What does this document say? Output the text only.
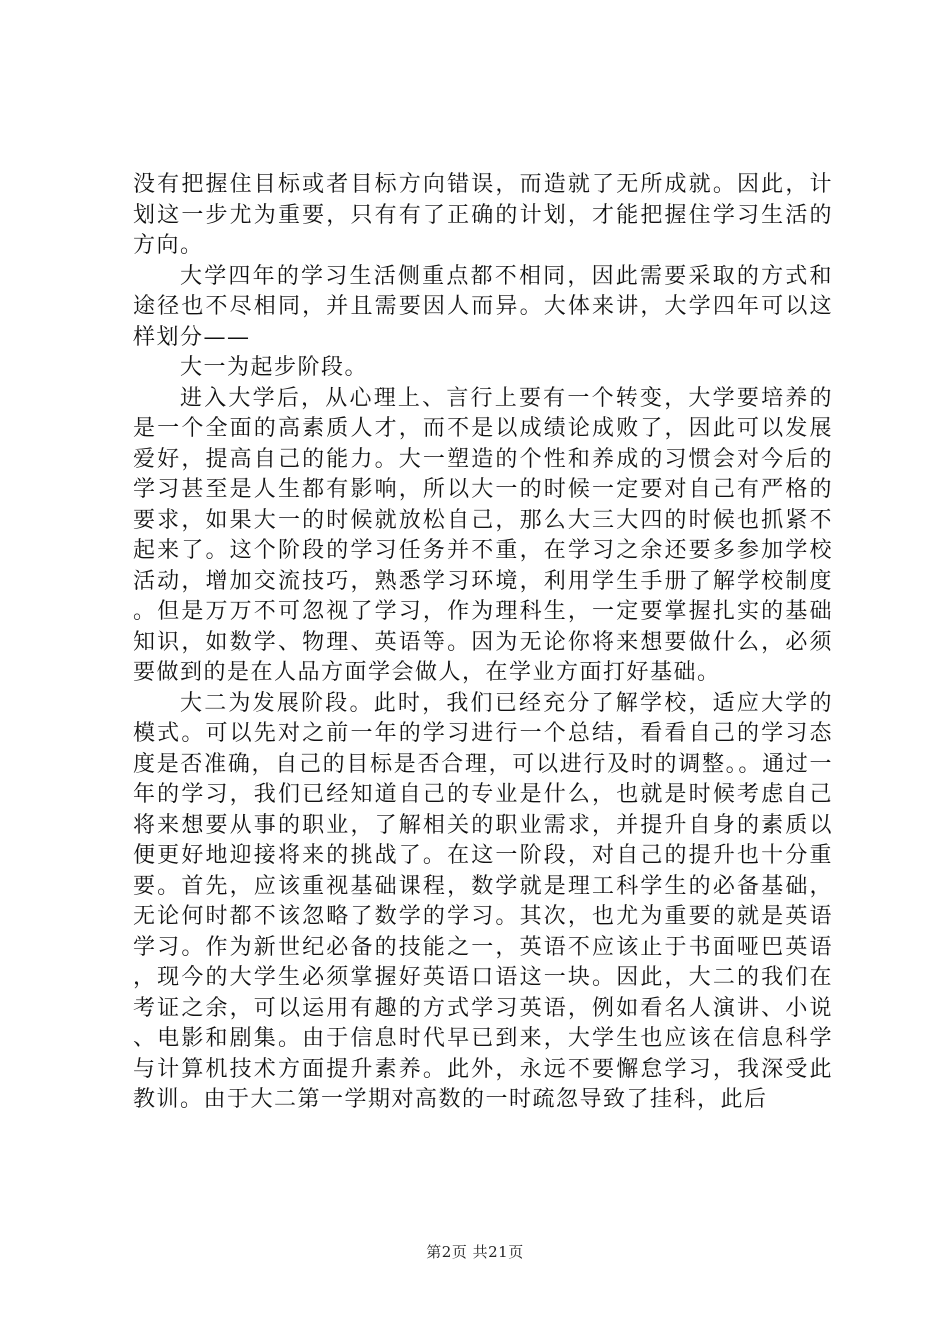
没有把握住目标或者目标方向错误，而造就了无所成就。因此，计划这一步尤为重要，只有有了正确的计划，才能把握住学习生活的方向。

大学四年的学习生活侧重点都不相同，因此需要采取的方式和途径也不尽相同，并且需要因人而异。大体来讲，大学四年可以这样划分——

大一为起步阶段。

进入大学后，从心理上、言行上要有一个转变，大学要培养的是一个全面的高素质人才，而不是以成绩论成败了，因此可以发展爱好，提高自己的能力。大一塑造的个性和养成的习惯会对今后的学习甚至是人生都有影响，所以大一的时候一定要对自己有严格的要求，如果大一的时候就放松自己，那么大三大四的时候也抓紧不起来了。这个阶段的学习任务并不重，在学习之余还要多参加学校活动，增加交流技巧，熟悉学习环境，利用学生手册了解学校制度。但是万万不可忽视了学习，作为理科生，一定要掌握扎实的基础知识，如数学、物理、英语等。因为无论你将来想要做什么，必须要做到的是在人品方面学会做人，在学业方面打好基础。

大二为发展阶段。此时，我们已经充分了解学校，适应大学的模式。可以先对之前一年的学习进行一个总结，看看自己的学习态度是否准确，自己的目标是否合理，可以进行及时的调整。。通过一年的学习，我们已经知道自己的专业是什么，也就是时候考虑自己将来想要从事的职业，了解相关的职业需求，并提升自身的素质以便更好地迎接将来的挑战了。在这一阶段，对自己的提升也十分重要。首先，应该重视基础课程，数学就是理工科学生的必备基础，无论何时都不该忽略了数学的学习。其次，也尤为重要的就是英语学习。作为新世纪必备的技能之一，英语不应该止于书面哑巴英语，现今的大学生必须掌握好英语口语这一块。因此，大二的我们在考证之余，可以运用有趣的方式学习英语，例如看名人演讲、小说、电影和剧集。由于信息时代早已到来，大学生也应该在信息科学与计算机技术方面提升素养。此外，永远不要懈怠学习，我深受此教训。由于大二第一学期对高数的一时疏忽导致了挂科，此后

第2页 共21页
